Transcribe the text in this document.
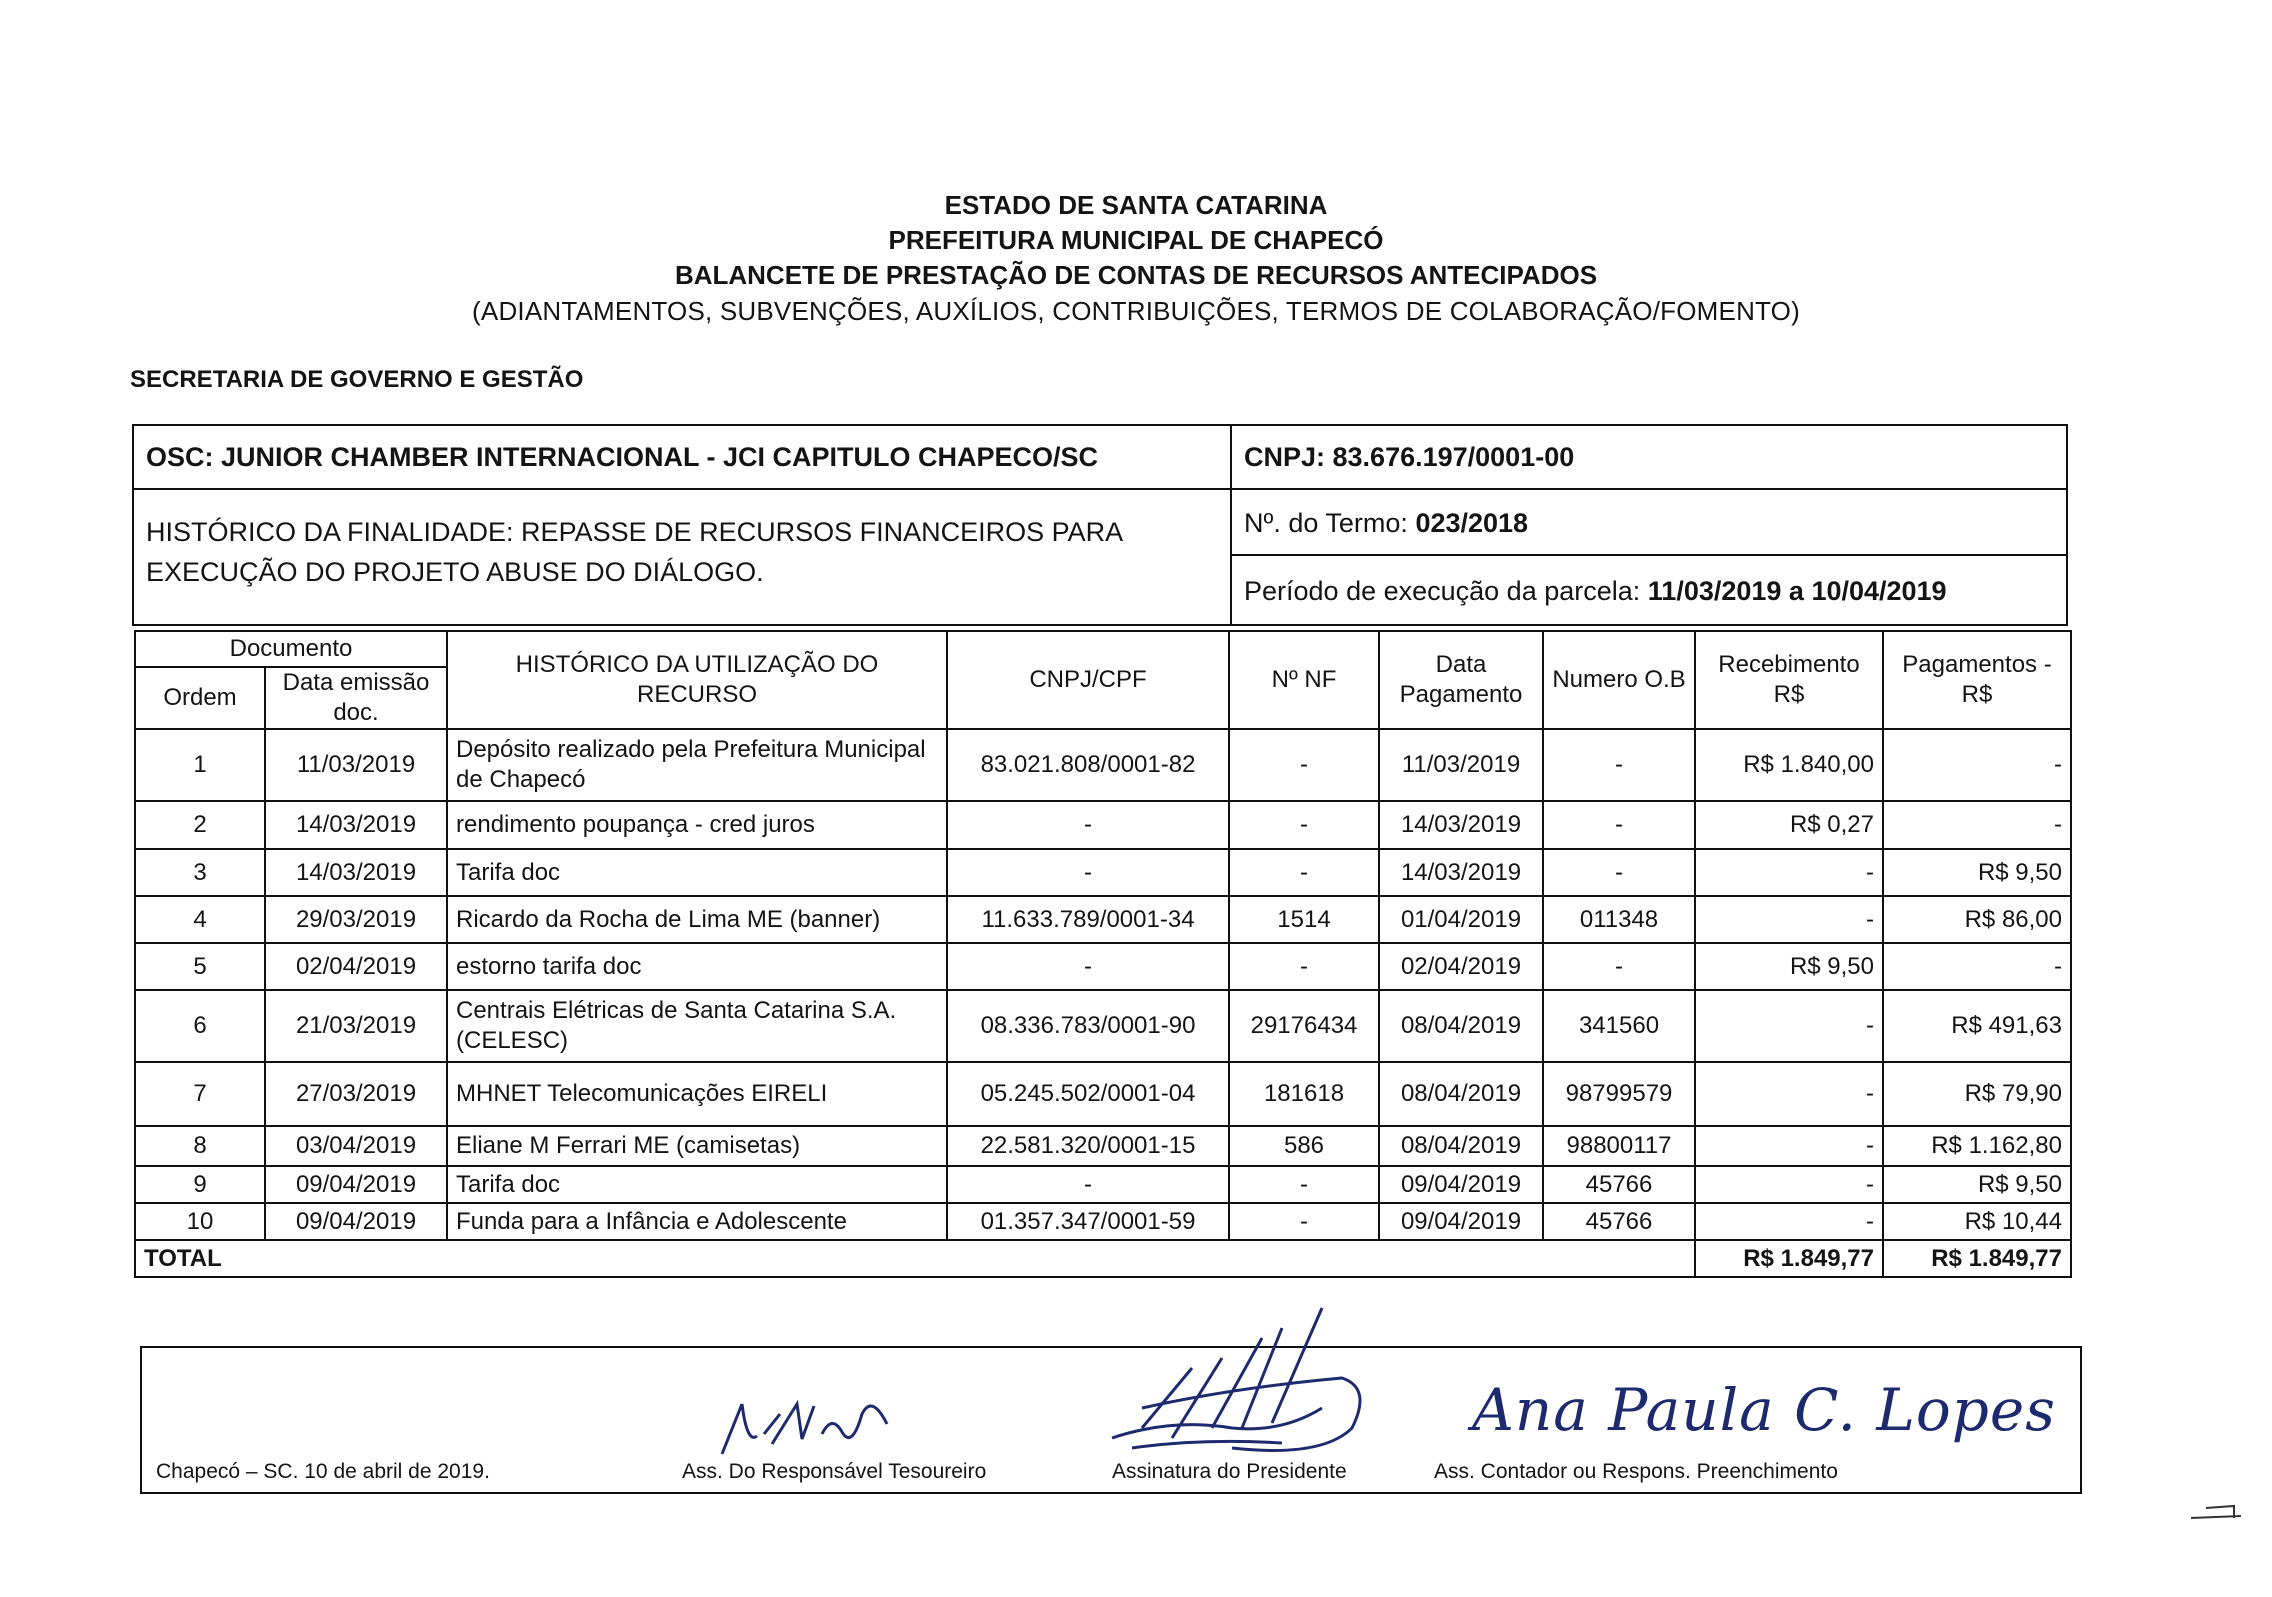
ESTADO DE SANTA CATARINA
PREFEITURA MUNICIPAL DE CHAPECÓ
BALANCETE DE PRESTAÇÃO DE CONTAS DE RECURSOS ANTECIPADOS
(ADIANTAMENTOS, SUBVENÇÕES, AUXÍLIOS, CONTRIBUIÇÕES, TERMOS DE COLABORAÇÃO/FOMENTO)
SECRETARIA DE GOVERNO E GESTÃO
OSC: JUNIOR CHAMBER INTERNACIONAL - JCI CAPITULO CHAPECO/SC	CNPJ: 83.676.197/0001-00
HISTÓRICO DA FINALIDADE: REPASSE DE RECURSOS FINANCEIROS PARA
EXECUÇÃO DO PROJETO ABUSE DO DIÁLOGO.
Nº. do Termo: 023/2018
Período de execução da parcela: 11/03/2019 a 10/04/2019
Documento		HISTÓRICO DA UTILIZAÇÃO DO RECURSO	CNPJ/CPF	Nº NF	Data Pagamento	Numero O.B	Recebimento R$	Pagamentos - R$
Ordem	Data emissão doc.							
1	11/03/2019	Depósito realizado pela Prefeitura Municipal de Chapecó	83.021.808/0001-82	-	11/03/2019	-	R$ 1.840,00	-
2	14/03/2019	rendimento poupança - cred juros	-	-	14/03/2019	-	R$ 0,27	-
3	14/03/2019	Tarifa doc	-	-	14/03/2019	-	-	R$ 9,50
4	29/03/2019	Ricardo da Rocha de Lima ME (banner)	11.633.789/0001-34	1514	01/04/2019	011348	-	R$ 86,00
5	02/04/2019	estorno tarifa doc	-	-	02/04/2019	-	R$ 9,50	-
6	21/03/2019	Centrais Elétricas de Santa Catarina S.A. (CELESC)	08.336.783/0001-90	29176434	08/04/2019	341560	-	R$ 491,63
7	27/03/2019	MHNET Telecomunicações EIRELI	05.245.502/0001-04	181618	08/04/2019	98799579	-	R$ 79,90
8	03/04/2019	Eliane M Ferrari ME (camisetas)	22.581.320/0001-15	586	08/04/2019	98800117	-	R$ 1.162,80
9	09/04/2019	Tarifa doc	-	-	09/04/2019	45766	-	R$ 9,50
10	09/04/2019	Funda para a Infância e Adolescente	01.357.347/0001-59	-	09/04/2019	45766	-	R$ 10,44
TOTAL							R$ 1.849,77	R$ 1.849,77
Chapecó – SC. 10 de abril de 2019.	Ass. Do Responsável Tesoureiro	Assinatura do Presidente
Ana Paula C. Lopes
Ass. Contador ou Respons. Preenchimento
